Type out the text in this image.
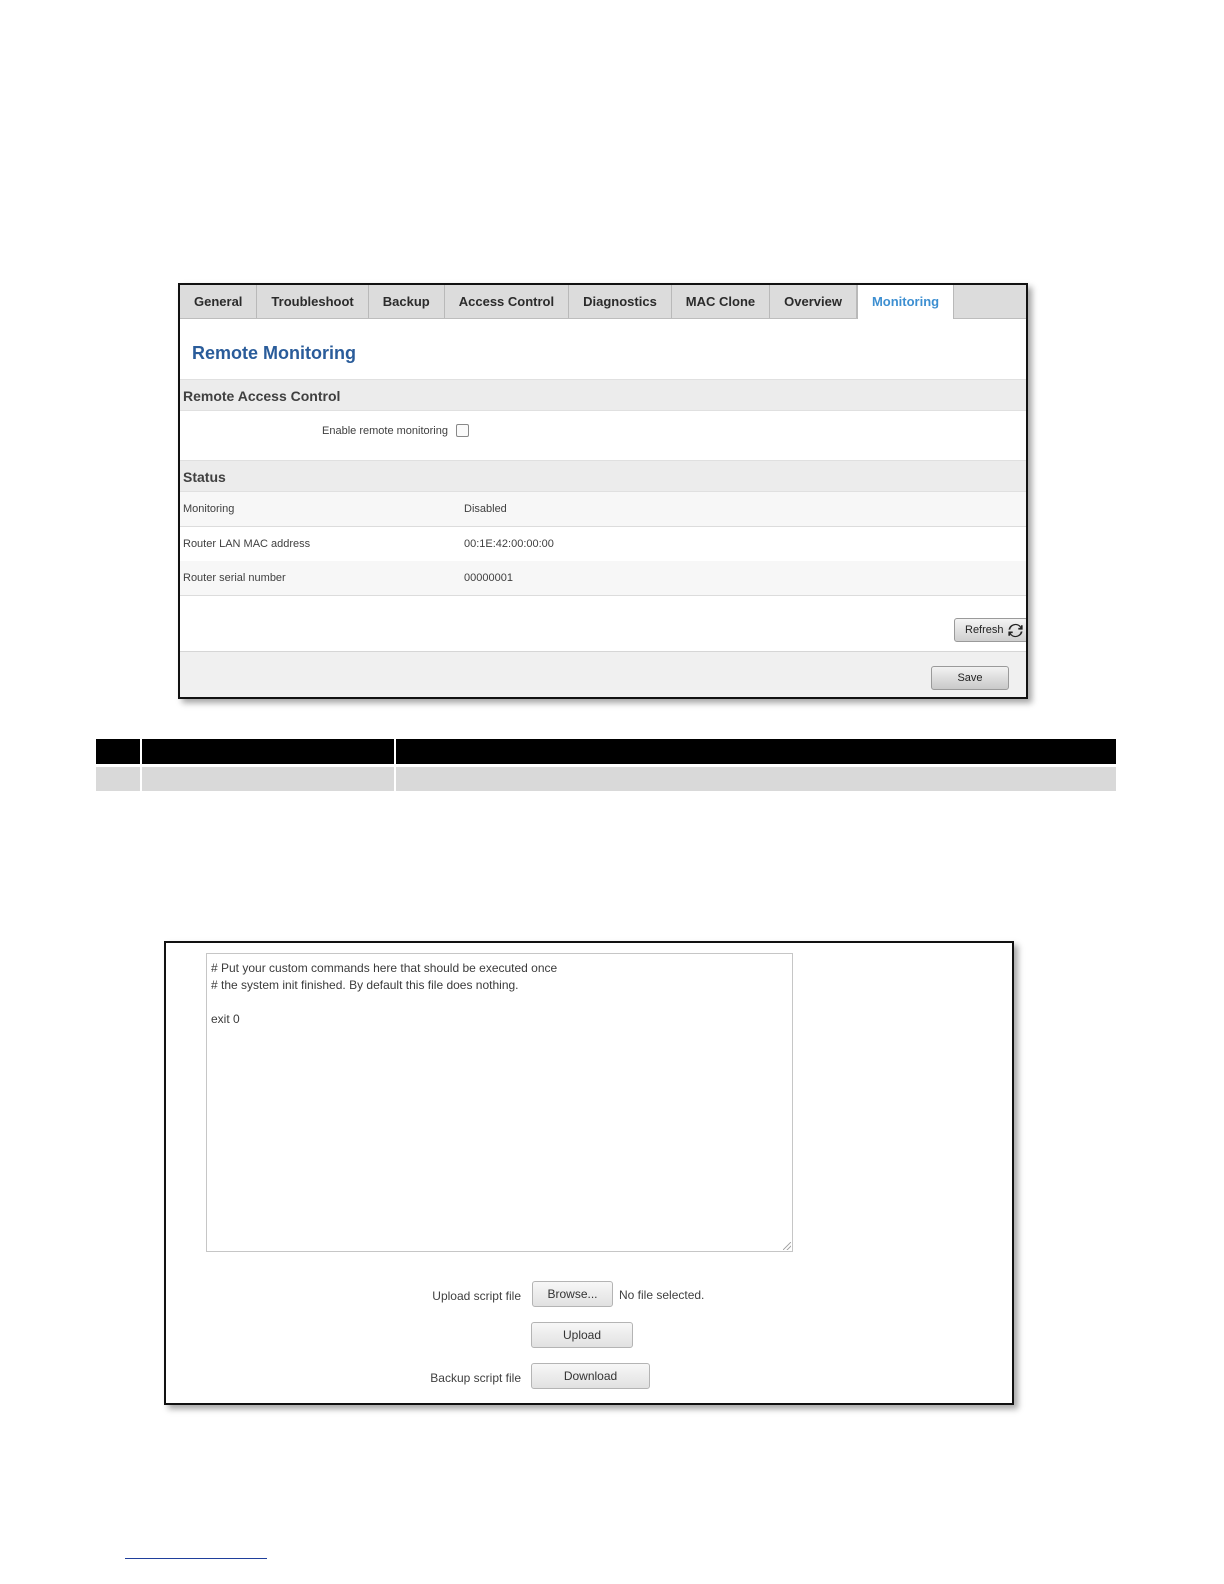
General	Troubleshoot	Backup	Access Control	Diagnostics	MAC Clone	Overview	Monitoring
Remote Monitoring
Remote Access Control
Enable remote monitoring
Status
Monitoring	Disabled
Router LAN MAC address	00:1E:42:00:00:00
Router serial number	00000001
Refresh
Save
# Put your custom commands here that should be executed once
# the system init finished. By default this file does nothing.
exit 0
Upload script file	Browse...	No file selected.
Upload
Backup script file	Download
